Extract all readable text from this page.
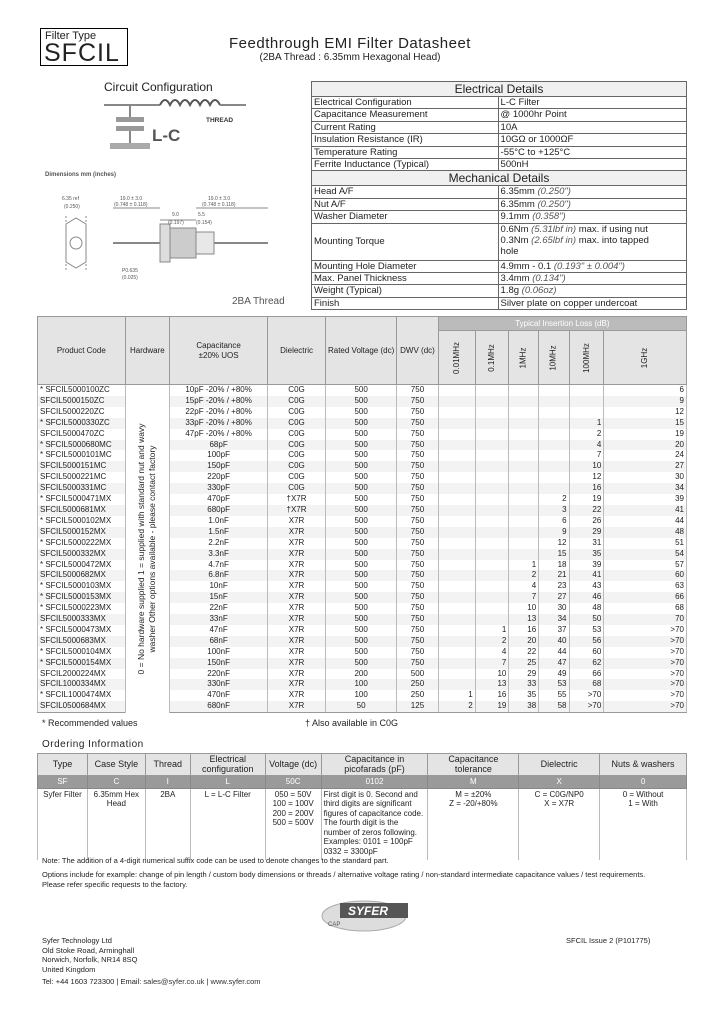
Filter Type
SFCIL	Feedthrough EMI Filter Datasheet
(2BA Thread : 6.35mm Hexagonal Head)
Circuit Configuration
L-C
THREAD
Dimensions mm (inches)
6.35 ref
(0.250)
19.0 ± 3.0
(0.748 ± 0.118)
9.0
(0.197)
5.5
(0.154)
19.0 ± 3.0
(0.748 ± 0.118)
P0.635
(0.025)
2BA Thread
Electrical Details	
Electrical Configuration	L-C Filter
Capacitance Measurement	@ 1000hr Point
Current Rating	10A
Insulation Resistance (IR)	10GΩ or 1000ΩF
Temperature Rating	-55°C to +125°C
Ferrite Inductance (Typical)	500nH
Mechanical Details	
Head A/F	6.35mm (0.250")
Nut A/F	6.35mm (0.250")
Washer Diameter	9.1mm (0.358")
Mounting Torque	0.6Nm (5.31lbf in) max. if using nut
0.3Nm (2.65lbf in) max. into tapped
hole
Mounting Hole Diameter	4.9mm - 0.1 (0.193" ± 0.004")
Max. Panel Thickness	3.4mm (0.134")
Weight (Typical)	1.8g (0.06oz)
Finish	Silver plate on copper undercoat
Product Code	Hardware	Capacitance
±20% UOS	Dielectric	Rated Voltage (dc)	DWV (dc)	Typical Insertion Loss (dB)					
						0.01MHz	0.1MHz	1MHz	10MHz	100MHz	1GHz
* SFCIL5000100ZC	0 = No hardware supplied 1 = supplied with standard nut and wavy washer Other options available - please contact factory	10pF -20% / +80%	C0G	500	750						6
SFCIL5000150ZC		15pF -20% / +80%	C0G	500	750						9
SFCIL5000220ZC		22pF -20% / +80%	C0G	500	750						12
* SFCIL5000330ZC		33pF -20% / +80%	C0G	500	750					1	15
SFCIL5000470ZC		47pF -20% / +80%	C0G	500	750					2	19
* SFCIL5000680MC		68pF	C0G	500	750					4	20
* SFCIL5000101MC		100pF	C0G	500	750					7	24
SFCIL5000151MC		150pF	C0G	500	750					10	27
SFCIL5000221MC		220pF	C0G	500	750					12	30
SFCIL5000331MC		330pF	C0G	500	750					16	34
* SFCIL5000471MX		470pF	†X7R	500	750				2	19	39
SFCIL5000681MX		680pF	†X7R	500	750				3	22	41
* SFCIL5000102MX		1.0nF	X7R	500	750				6	26	44
SFCIL5000152MX		1.5nF	X7R	500	750				9	29	48
* SFCIL5000222MX		2.2nF	X7R	500	750				12	31	51
SFCIL5000332MX		3.3nF	X7R	500	750				15	35	54
* SFCIL5000472MX		4.7nF	X7R	500	750			1	18	39	57
SFCIL5000682MX		6.8nF	X7R	500	750			2	21	41	60
* SFCIL5000103MX		10nF	X7R	500	750			4	23	43	63
* SFCIL5000153MX		15nF	X7R	500	750			7	27	46	66
* SFCIL5000223MX		22nF	X7R	500	750			10	30	48	68
SFCIL5000333MX		33nF	X7R	500	750			13	34	50	70
* SFCIL5000473MX		47nF	X7R	500	750		1	16	37	53	>70
SFCIL5000683MX		68nF	X7R	500	750		2	20	40	56	>70
* SFCIL5000104MX		100nF	X7R	500	750		4	22	44	60	>70
* SFCIL5000154MX		150nF	X7R	500	750		7	25	47	62	>70
SFCIL2000224MX		220nF	X7R	200	500		10	29	49	66	>70
SFCIL1000334MX		330nF	X7R	100	250		13	33	53	68	>70
* SFCIL1000474MX		470nF	X7R	100	250	1	16	35	55	>70	>70
SFCIL0500684MX		680nF	X7R	50	125	2	19	38	58	>70	>70
* Recommended values	† Also available in C0G
Ordering Information
Type	Case Style	Thread	Electrical configuration	Voltage (dc)	Capacitance in picofarads (pF)	Capacitance tolerance	Dielectric	Nuts & washers
SF	C	I	L	50C	0102	M	X	0
Syfer Filter	6.35mm Hex Head	2BA	L = L-C Filter	050 = 50V
100 = 100V
200 = 200V
500 = 500V	First digit is 0. Second and third digits are significant figures of capacitance code. The fourth digit is the number of zeros following.
Examples: 0101 = 100pF
0332 = 3300pF	M = ±20%
Z = -20/+80%	C = C0G/NP0
X = X7R	0 = Without
1 = With
Note: The addition of a 4-digit numerical suffix code can be used to denote changes to the standard part.
Options include for example: change of pin length / custom body dimensions or threads / alternative voltage rating / non-standard intermediate capacitance values / test requirements.
Please refer specific requests to the factory.
SYFER
CAP
Syfer Technology Ltd
Old Stoke Road, Arminghall
Norwich, Norfolk, NR14 8SQ
United Kingdom
Tel: +44 1603 723300 | Email: sales@syfer.co.uk | www.syfer.com
SFCIL Issue 2 (P101775)
